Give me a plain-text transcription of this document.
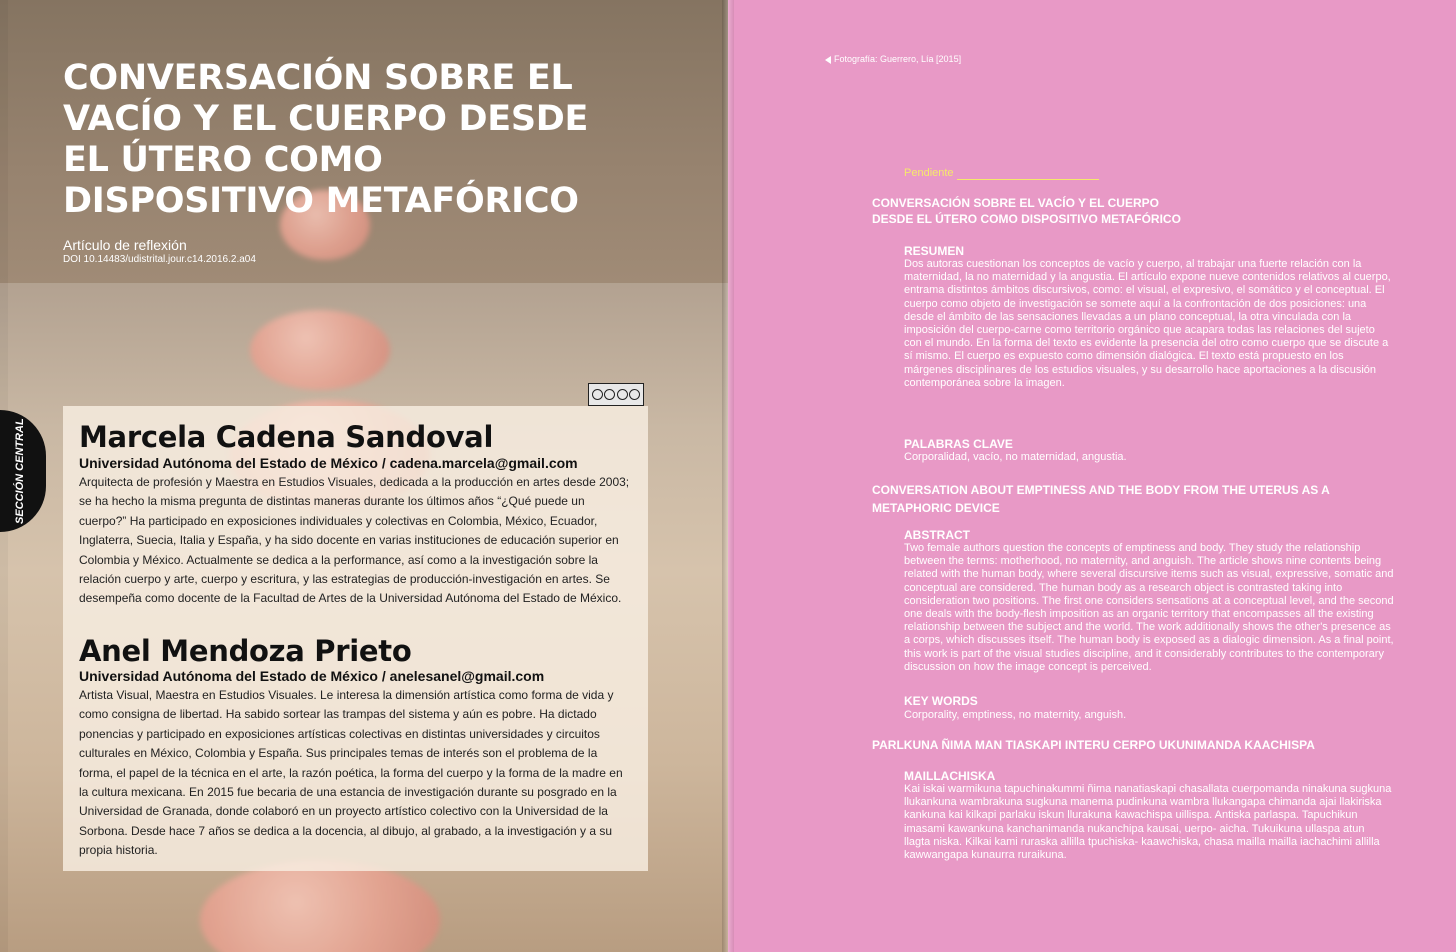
CONVERSACIÓN SOBRE EL VACÍO Y EL CUERPO DESDE EL ÚTERO COMO DISPOSITIVO METAFÓRICO
Artículo de reflexión
DOI 10.14483/udistrital.jour.c14.2016.2.a04
SECCIÓN CENTRAL Marcela Cadena Sandoval
Universidad Autónoma del Estado de México / cadena.marcela@gmail.com
Arquitecta de profesión y Maestra en Estudios Visuales, dedicada a la producción en artes desde 2003; se ha hecho la misma pregunta de distintas maneras durante los últimos años “¿Qué puede un cuerpo?” Ha participado en exposiciones individuales y colectivas en Colombia, México, Ecuador, Inglaterra, Suecia, Italia y España, y ha sido docente en varias instituciones de educación superior en Colombia y México. Actualmente se dedica a la performance, así como a la investigación sobre la relación cuerpo y arte, cuerpo y escritura, y las estrategias de producción-investigación en artes. Se desempeña como docente de la Facultad de Artes de la Universidad Autónoma del Estado de México.
Anel Mendoza Prieto
Universidad Autónoma del Estado de México / anelesanel@gmail.com
Artista Visual, Maestra en Estudios Visuales. Le interesa la dimensión artística como forma de vida y como consigna de libertad. Ha sabido sortear las trampas del sistema y aún es pobre. Ha dictado ponencias y participado en exposiciones artísticas colectivas en distintas universidades y circuitos culturales en México, Colombia y España. Sus principales temas de interés son el problema de la forma, el papel de la técnica en el arte, la razón poética, la forma del cuerpo y la forma de la madre en la cultura mexicana. En 2015 fue becaria de una estancia de investigación durante su posgrado en la Universidad de Granada, donde colaboró en un proyecto artístico colectivo con la Universidad de la Sorbona. Desde hace 7 años se dedica a la docencia, al dibujo, al grabado, a la investigación y a su propia historia.
Fotografía: Guerrero, Lía [2015]
Pendiente
CONVERSACIÓN SOBRE EL VACÍO Y EL CUERPO DESDE EL ÚTERO COMO DISPOSITIVO METAFÓRICO
RESUMEN
Dos autoras cuestionan los conceptos de vacío y cuerpo, al trabajar una fuerte relación con la maternidad, la no maternidad y la angustia. El artículo expone nueve contenidos relativos al cuerpo, entrama distintos ámbitos discursivos, como: el visual, el expresivo, el somático y el conceptual. El cuerpo como objeto de investigación se somete aquí a la confrontación de dos posiciones: una desde el ámbito de las sensaciones llevadas a un plano conceptual, la otra vinculada con la imposición del cuerpo-carne como territorio orgánico que acapara todas las relaciones del sujeto con el mundo. En la forma del texto es evidente la presencia del otro como cuerpo que se discute a sí mismo. El cuerpo es expuesto como dimensión dialógica. El texto está propuesto en los márgenes disciplinares de los estudios visuales, y su desarrollo hace aportaciones a la discusión contemporánea sobre la imagen.
PALABRAS CLAVE
Corporalidad, vacío, no maternidad, angustia.
CONVERSATION ABOUT EMPTINESS AND THE BODY FROM THE UTERUS AS A METAPHORIC DEVICE
ABSTRACT
Two female authors question the concepts of emptiness and body. They study the relationship between the terms: motherhood, no maternity, and anguish. The article shows nine contents being related with the human body, where several discursive items such as visual, expressive, somatic and conceptual are considered. The human body as a research object is contrasted taking into consideration two positions. The first one considers sensations at a conceptual level, and the second one deals with the body-flesh imposition as an organic territory that encompasses all the existing relationship between the subject and the world. The work additionally shows the other's presence as a corps, which discusses itself. The human body is exposed as a dialogic dimension. As a final point, this work is part of the visual studies discipline, and it considerably contributes to the contemporary discussion on how the image concept is perceived.
KEY WORDS
Corporality, emptiness, no maternity, anguish.
PARLKUNA ÑIMA MAN TIASKAPI INTERU CERPO UKUNIMANDA KAACHISPA
MAILLACHISKA
Kai iskai warmikuna tapuchinakummi ñima nanatiaskapi chasallata cuerpomanda ninakuna sugkuna llukankuna wambrakuna sugkuna manema pudinkuna wambra llukangapa chimanda ajai llakiriska kankuna kai kilkapi parlaku iskun llurakuna kawachispa uillispa. Antiska parlaspa. Tapuchikun imasami kawankuna kanchanimanda nukanchipa kausai, uerpo- aicha. Tukuikuna ullaspa atun llagta niska. Kilkai kami ruraska allilla tpuchiska- kaawchiska, chasa mailla mailla iachachimi allilla kawwangapa kunaurra ruraikuna.
